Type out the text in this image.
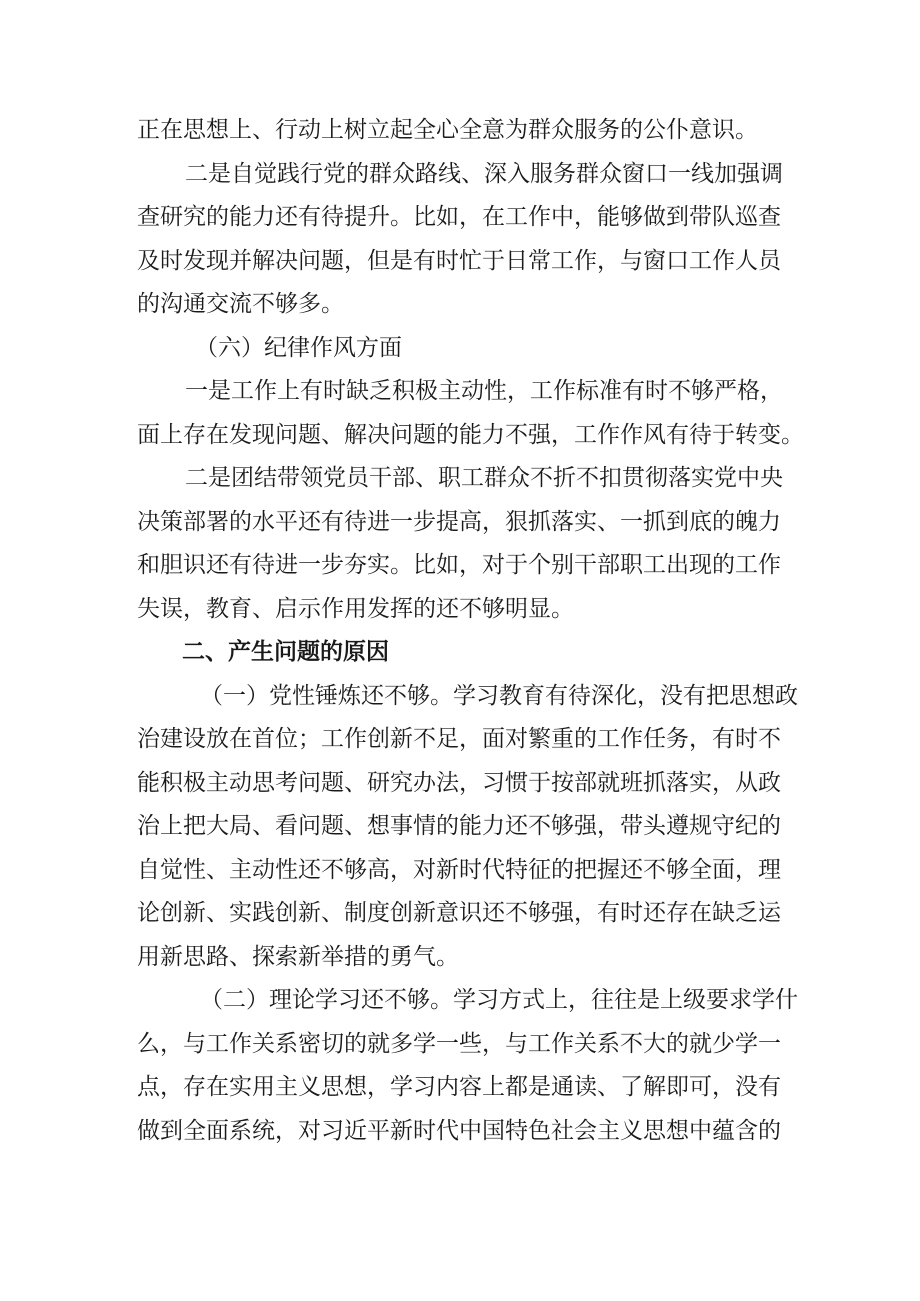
正在思想上、行动上树立起全心全意为群众服务的公仆意识。
二是自觉践行党的群众路线、深入服务群众窗口一线加强调
查研究的能力还有待提升。比如，在工作中，能够做到带队巡查
及时发现并解决问题，但是有时忙于日常工作，与窗口工作人员
的沟通交流不够多。
（六）纪律作风方面
一是工作上有时缺乏积极主动性，工作标准有时不够严格，
面上存在发现问题、解决问题的能力不强，工作作风有待于转变。
二是团结带领党员干部、职工群众不折不扣贯彻落实党中央
决策部署的水平还有待进一步提高，狠抓落实、一抓到底的魄力
和胆识还有待进一步夯实。比如，对于个别干部职工出现的工作
失误，教育、启示作用发挥的还不够明显。
二、产生问题的原因
（一）党性锤炼还不够。学习教育有待深化，没有把思想政
治建设放在首位；工作创新不足，面对繁重的工作任务，有时不
能积极主动思考问题、研究办法，习惯于按部就班抓落实，从政
治上把大局、看问题、想事情的能力还不够强，带头遵规守纪的
自觉性、主动性还不够高，对新时代特征的把握还不够全面，理
论创新、实践创新、制度创新意识还不够强，有时还存在缺乏运
用新思路、探索新举措的勇气。
（二）理论学习还不够。学习方式上，往往是上级要求学什
么，与工作关系密切的就多学一些，与工作关系不大的就少学一
点，存在实用主义思想，学习内容上都是通读、了解即可，没有
做到全面系统，对习近平新时代中国特色社会主义思想中蕴含的
